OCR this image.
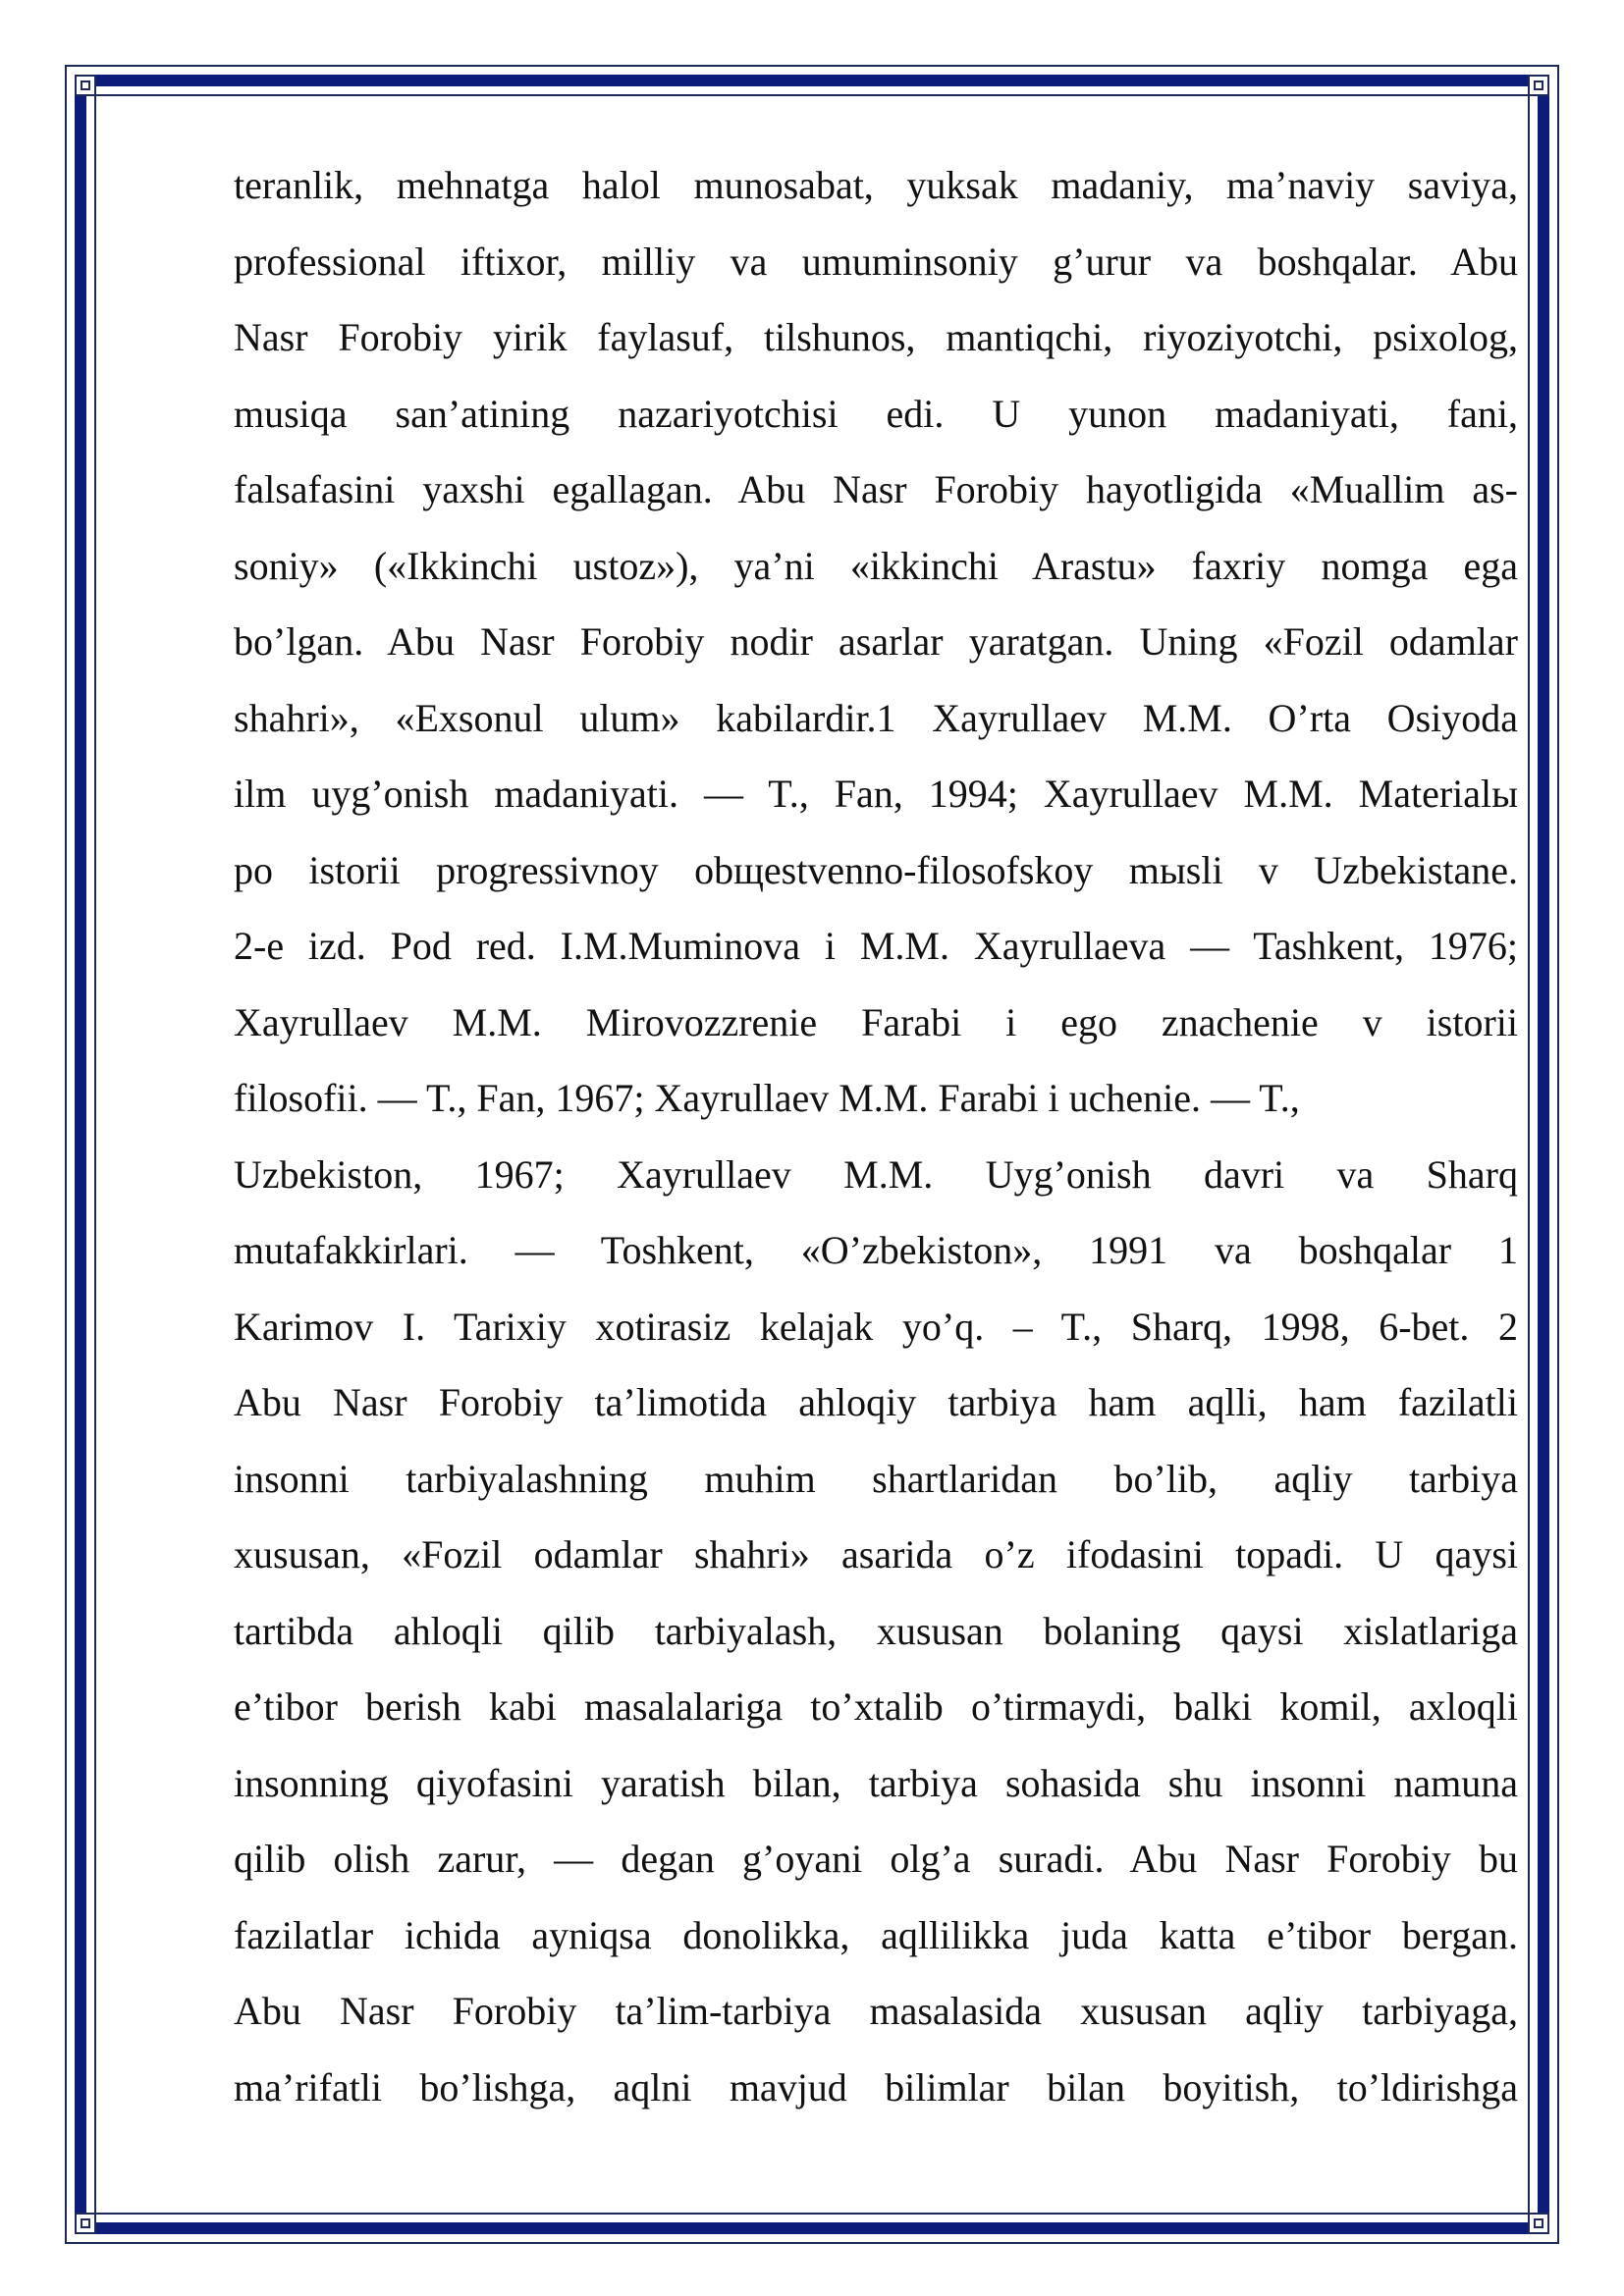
teranlik, mehnatga halol munosabat, yuksak madaniy, ma’naviy saviya,
professional iftixor, milliy va umuminsoniy g’urur va boshqalar. Abu
Nasr Forobiy yirik faylasuf, tilshunos, mantiqchi, riyoziyotchi, psixolog,
musiqa san’atining nazariyotchisi edi. U yunon madaniyati, fani,
falsafasini yaxshi egallagan. Abu Nasr Forobiy hayotligida «Muallim as-
soniy» («Ikkinchi ustoz»), ya’ni «ikkinchi Arastu» faxriy nomga ega
bo’lgan. Abu Nasr Forobiy nodir asarlar yaratgan. Uning «Fozil odamlar
shahri», «Exsonul ulum» kabilardir.1 Xayrullaev M.M. O’rta Osiyoda
ilm uyg’onish madaniyati. — T., Fan, 1994; Xayrullaev M.M. Materialы
po istorii progressivnoy obщestvenno-filosofskoy mыsli v Uzbekistane.
2-e izd. Pod red. I.M.Muminova i M.M. Xayrullaeva — Tashkent, 1976;
Xayrullaev M.M. Mirovozzrenie Farabi i ego znachenie v istorii
filosofii. — T., Fan, 1967; Xayrullaev M.M. Farabi i uchenie. — T.,
Uzbekiston, 1967; Xayrullaev M.M. Uyg’onish davri va Sharq
mutafakkirlari. — Toshkent, «O’zbekiston», 1991 va boshqalar 1
Karimov I. Tarixiy xotirasiz kelajak yo’q. – T., Sharq, 1998, 6-bet. 2
Abu Nasr Forobiy ta’limotida ahloqiy tarbiya ham aqlli, ham fazilatli
insonni tarbiyalashning muhim shartlaridan bo’lib, aqliy tarbiya
xususan, «Fozil odamlar shahri» asarida o’z ifodasini topadi. U qaysi
tartibda ahloqli qilib tarbiyalash, xususan bolaning qaysi xislatlariga
e’tibor berish kabi masalalariga to’xtalib o’tirmaydi, balki komil, axloqli
insonning qiyofasini yaratish bilan, tarbiya sohasida shu insonni namuna
qilib olish zarur, — degan g’oyani olg’a suradi. Abu Nasr Forobiy bu
fazilatlar ichida ayniqsa donolikka, aqllilikka juda katta e’tibor bergan.
Abu Nasr Forobiy ta’lim-tarbiya masalasida xususan aqliy tarbiyaga,
ma’rifatli bo’lishga, aqlni mavjud bilimlar bilan boyitish, to’ldirishga
